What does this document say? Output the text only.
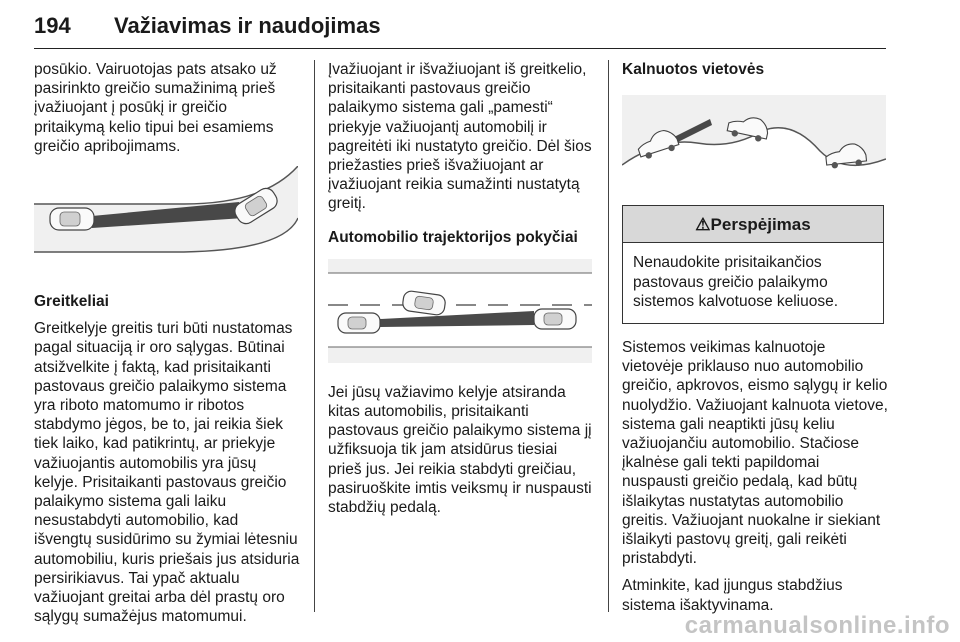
194 Važiavimas ir naudojimas

posūkio. Vairuotojas pats atsako už pasirinkto greičio sumažinimą prieš įvažiuojant į posūkį ir greičio pritaikymą kelio tipui bei esamiems greičio apribojimams.

Greitkeliai

Greitkelyje greitis turi būti nustatomas pagal situaciją ir oro sąlygas. Būtinai atsižvelkite į faktą, kad prisitaikanti pastovaus greičio palaikymo sistema yra riboto matomumo ir ribotos stabdymo jėgos, be to, jai reikia šiek tiek laiko, kad patikrintų, ar priekyje važiuojantis automobilis yra jūsų kelyje. Prisitaikanti pastovaus greičio palaikymo sistema gali laiku nesustabdyti automobilio, kad išvengtų susidūrimo su žymiai lėtesniu automobiliu, kuris priešais jus atsiduria persirikiavus. Tai ypač aktualu važiuojant greitai arba dėl prastų oro sąlygų sumažėjus matomumui.

Įvažiuojant ir išvažiuojant iš greitkelio, prisitaikanti pastovaus greičio palaikymo sistema gali „pamesti“ priekyje važiuojantį automobilį ir pagreitėti iki nustatyto greičio. Dėl šios priežasties prieš išvažiuojant ar įvažiuojant reikia sumažinti nustatytą greitį.

Automobilio trajektorijos pokyčiai

Jei jūsų važiavimo kelyje atsiranda kitas automobilis, prisitaikanti pastovaus greičio palaikymo sistema jį užfiksuoja tik jam atsidūrus tiesiai prieš jus. Jei reikia stabdyti greičiau, pasiruoškite imtis veiksmų ir nuspausti stabdžių pedalą.

Kalnuotos vietovės

⚠Perspėjimas
Nenaudokite prisitaikančios pastovaus greičio palaikymo sistemos kalvotuose keliuose.

Sistemos veikimas kalnuotoje vietovėje priklauso nuo automobilio greičio, apkrovos, eismo sąlygų ir kelio nuolydžio. Važiuojant kalnuota vietove, sistema gali neaptikti jūsų keliu važiuojančiu automobilio. Stačiose įkalnėse gali tekti papildomai nuspausti greičio pedalą, kad būtų išlaikytas nustatytas automobilio greitis. Važiuojant nuokalne ir siekiant išlaikyti pastovų greitį, gali reikėti pristabdyti.

Atminkite, kad įjungus stabdžius sistema išaktyvinama.

carmanualsonline.info
